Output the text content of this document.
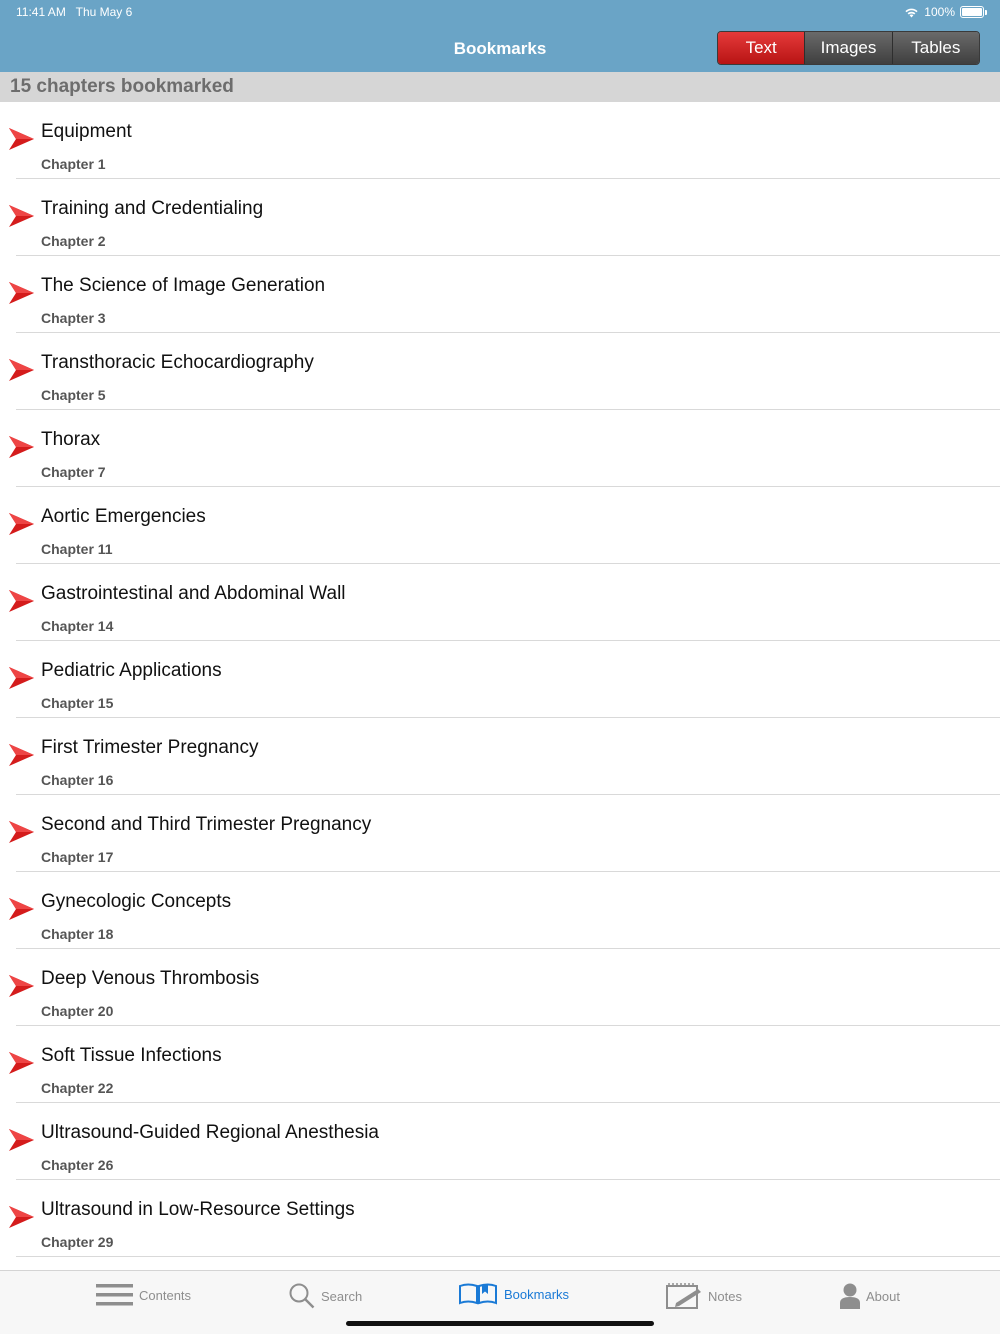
11:41 AM Thu May 6	100%
Bookmarks	Text	Images	Tables
15 chapters bookmarked
Equipment
Chapter 1
Training and Credentialing
Chapter 2
The Science of Image Generation
Chapter 3
Transthoracic Echocardiography
Chapter 5
Thorax
Chapter 7
Aortic Emergencies
Chapter 11
Gastrointestinal and Abdominal Wall
Chapter 14
Pediatric Applications
Chapter 15
First Trimester Pregnancy
Chapter 16
Second and Third Trimester Pregnancy
Chapter 17
Gynecologic Concepts
Chapter 18
Deep Venous Thrombosis
Chapter 20
Soft Tissue Infections
Chapter 22
Ultrasound-Guided Regional Anesthesia
Chapter 26
Ultrasound in Low-Resource Settings
Chapter 29
Contents	Search	Bookmarks	Notes	About
